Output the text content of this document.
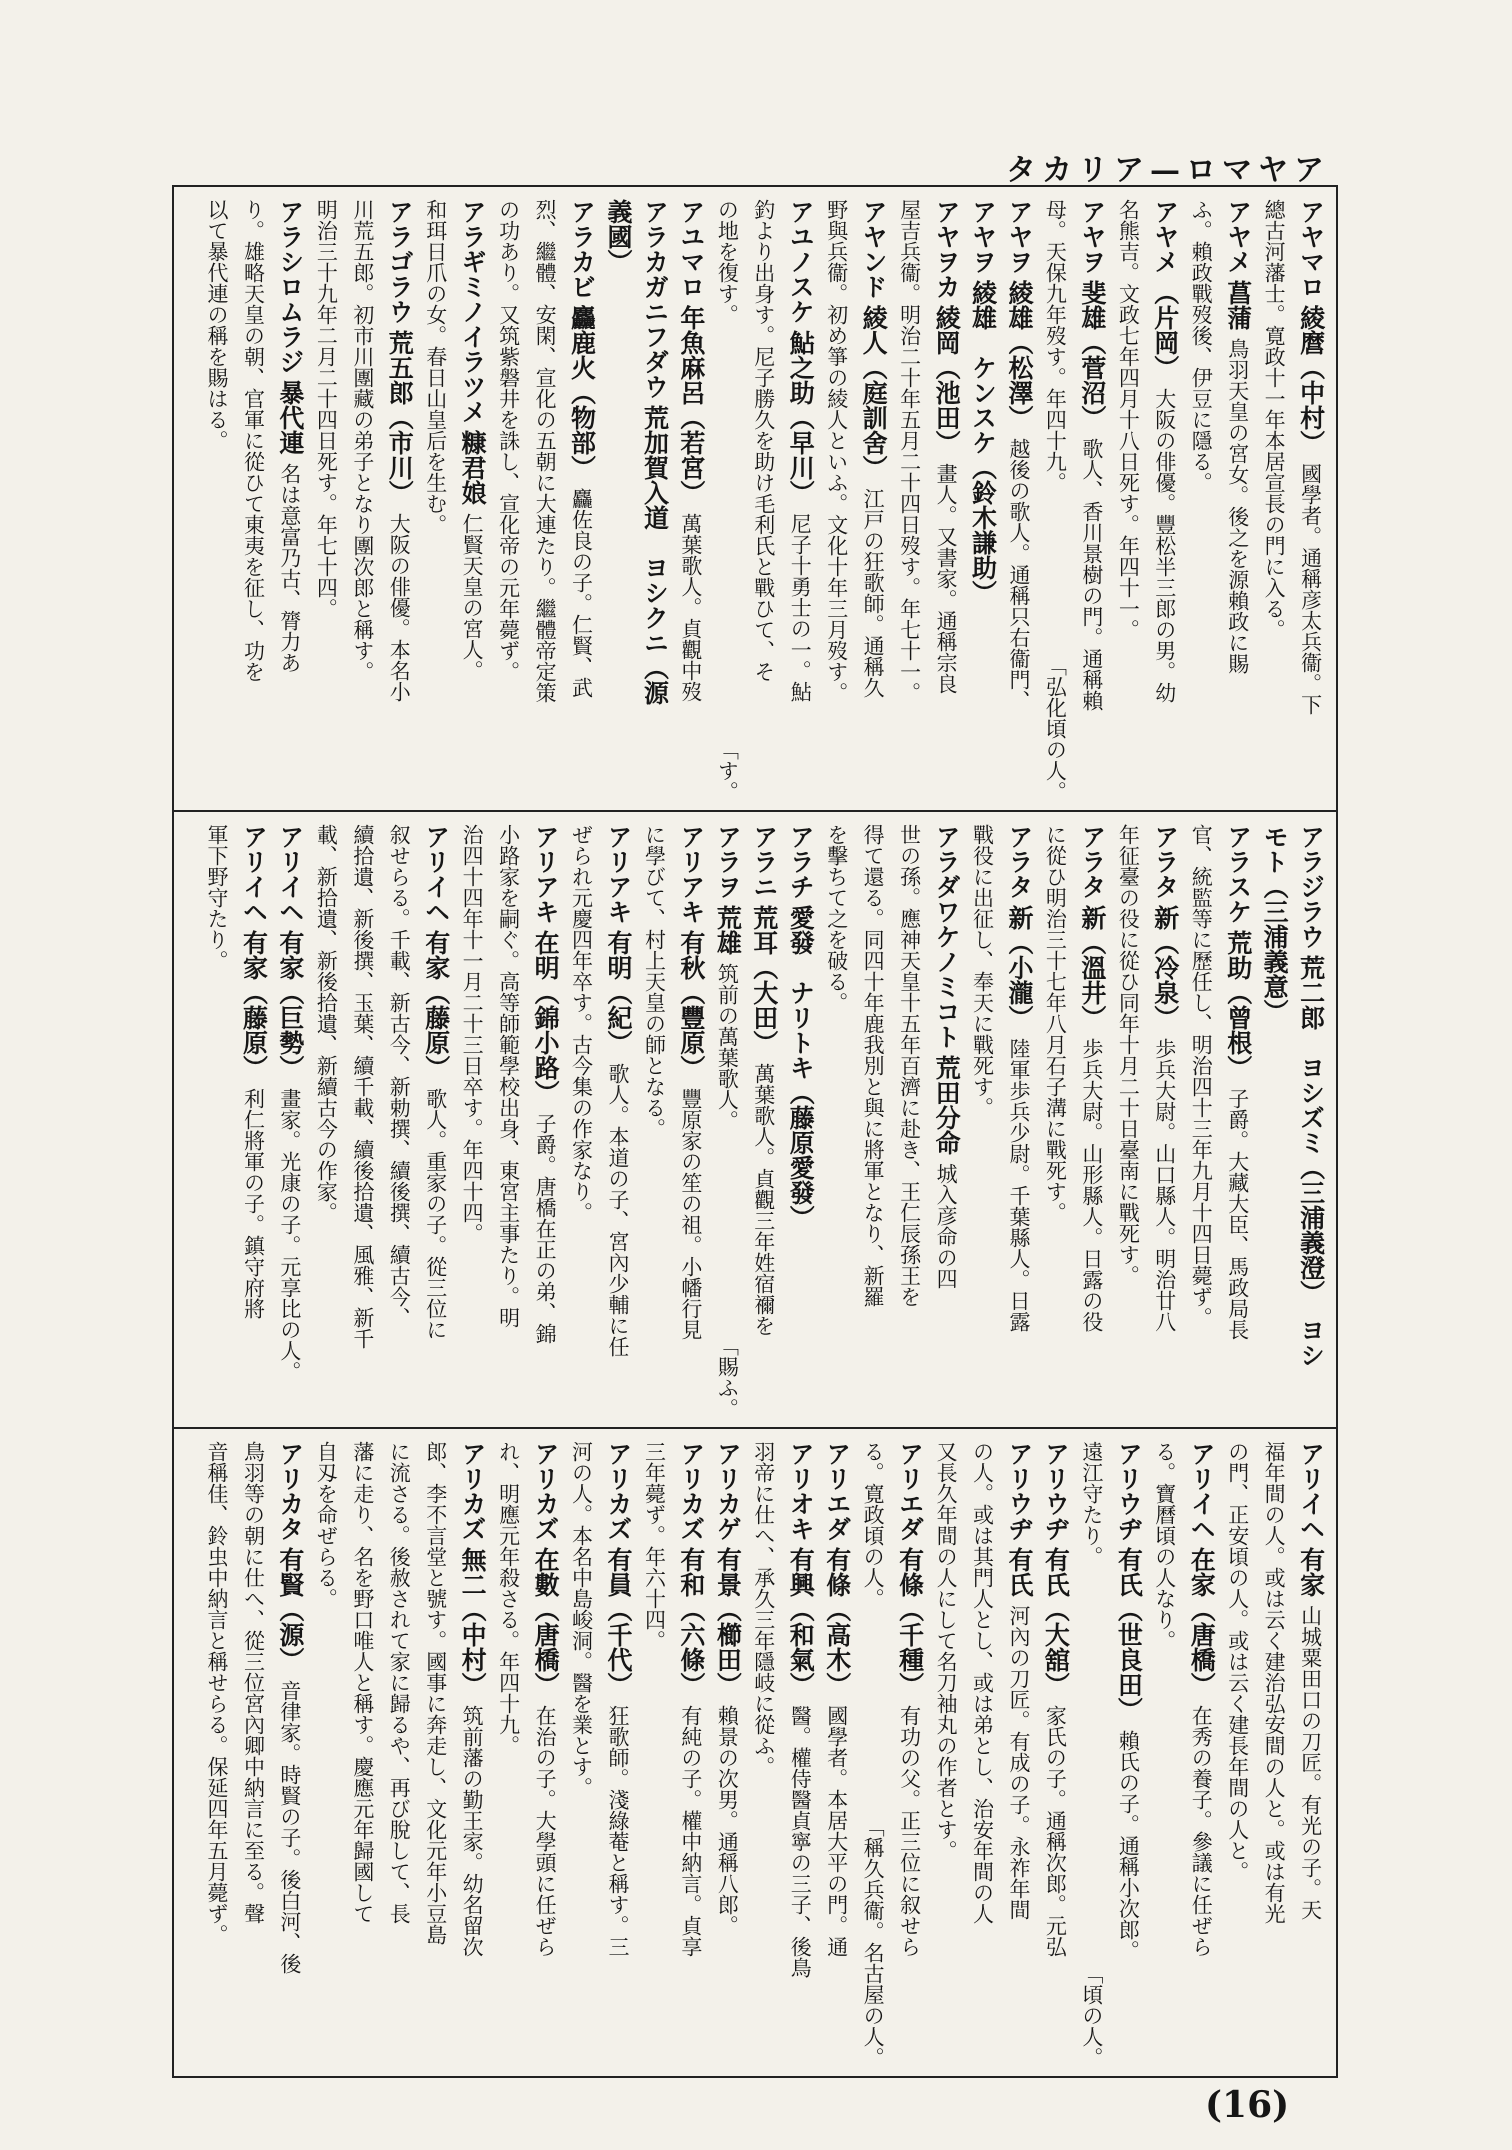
アヤマロ—アリカタ
アヤマロ綾麿（中村）國學者。通稱彦太兵衞。下
總古河藩士。寛政十一年本居宣長の門に入る。
アヤメ菖蒲鳥羽天皇の宮女。後之を源賴政に賜
ふ。賴政戰歿後、伊豆に隱る。
アヤメ（片岡）大阪の俳優。豐松半三郎の男。幼
名熊吉。文政七年四月十八日死す。年四十一。
アヤヲ斐雄（菅沼）歌人、香川景樹の門。通稱賴
母。天保九年歿す。年四十九。
「弘化頃の人。
アヤヲ綾雄（松澤）越後の歌人。通稱只右衞門、
アヤヲ綾雄　ケンスケ（鈴木謙助）
アヤヲカ綾岡（池田）畫人。又書家。通稱宗良
屋吉兵衞。明治二十年五月二十四日歿す。年七十一。
アヤンド綾人（庭訓舍）江戸の狂歌師。通稱久
野與兵衞。初め箏の綾人といふ。文化十年三月歿す。
アユノスケ鮎之助（早川）尼子十勇士の一。鮎
釣より出身す。尼子勝久を助け毛利氏と戰ひて、そ
の地を復す。
「す。
アユマロ年魚麻呂（若宮）萬葉歌人。貞觀中歿
アラカガニフダウ荒加賀入道　ヨシクニ（源
義國）
アラカビ麤鹿火（物部）麤佐良の子。仁賢、武
烈、繼體、安閑、宣化の五朝に大連たり。繼體帝定策
の功あり。又筑紫磐井を誅し、宣化帝の元年薨ず。
アラギミノイラツメ糠君娘仁賢天皇の宮人。
和珥日爪の女。春日山皇后を生む。
アラゴラウ荒五郎（市川）大阪の俳優。本名小
川荒五郎。初市川團藏の弟子となり團次郎と稱す。
明治三十九年二月二十四日死す。年七十四。
アラシロムラジ暴代連名は意富乃古、膂力あ
り。雄略天皇の朝、官軍に從ひて東夷を征し、功を
以て暴代連の稱を賜はる。
アラジラウ荒二郎　ヨシズミ（三浦義澄）　ヨシ
モト（三浦義意）
アラスケ荒助（曾根）子爵。大藏大臣、馬政局長
官、統監等に歷任し、明治四十三年九月十四日薨ず。
アラタ新（冷泉）歩兵大尉。山口縣人。明治廿八
年征臺の役に從ひ同年十月二十日臺南に戰死す。
アラタ新（溫井）歩兵大尉。山形縣人。日露の役
に從ひ明治三十七年八月石子溝に戰死す。
アラタ新（小瀧）陸軍歩兵少尉。千葉縣人。日露
戰役に出征し、奉天に戰死す。
アラダワケノミコト荒田分命城入彦命の四
世の孫。應神天皇十五年百濟に赴き、王仁辰孫王を
得て還る。同四十年鹿我別と與に將軍となり、新羅
を擊ちて之を破る。
アラチ愛發　ナリトキ（藤原愛發）
アラニ荒耳（大田）萬葉歌人。貞觀三年姓宿禰を
アラヲ荒雄筑前の萬葉歌人。
「賜ふ。
アリアキ有秋（豐原）豐原家の笙の祖。小幡行見
に學びて、村上天皇の師となる。
アリアキ有明（紀）歌人。本道の子、宮內少輔に任
ぜられ元慶四年卒す。古今集の作家なり。
アリアキ在明（錦小路）子爵。唐橋在正の弟、錦
小路家を嗣ぐ。高等師範學校出身、東宮主事たり。明
治四十四年十一月二十三日卒す。年四十四。
アリイヘ有家（藤原）歌人。重家の子。從三位に
叙せらる。千載、新古今、新勅撰、續後撰、續古今、
續拾遺、新後撰、玉葉、續千載、續後拾遺、風雅、新千
載、新拾遺、新後拾遺、新續古今の作家。
アリイヘ有家（巨勢）畫家。光康の子。元享比の人。
アリイヘ有家（藤原）利仁將軍の子。鎮守府將
軍下野守たり。
アリイヘ有家山城粟田口の刀匠。有光の子。天
福年間の人。或は云く建治弘安間の人と。或は有光
の門、正安頃の人。或は云く建長年間の人と。
アリイヘ在家（唐橋）在秀の養子。參議に任ぜら
る。寶曆頃の人なり。
アリウヂ有氏（世良田）賴氏の子。通稱小次郎。
遠江守たり。
「頃の人。
アリウヂ有氏（大舘）家氏の子。通稱次郎。元弘
アリウヂ有氏河內の刀匠。有成の子。永祚年間
の人。或は其門人とし、或は弟とし、治安年間の人
又長久年間の人にして名刀袖丸の作者とす。
アリエダ有條（千種）有功の父。正三位に叙せら
る。寛政頃の人。
「稱久兵衞。名古屋の人。
アリエダ有條（高木）國學者。本居大平の門。通
アリオキ有興（和氣）醫。權侍醫貞寧の三子、後鳥
羽帝に仕へ、承久三年隱岐に從ふ。
アリカゲ有景（櫛田）賴景の次男。通稱八郎。
アリカズ有和（六條）有純の子。權中納言。貞享
三年薨ず。年六十四。
アリカズ有員（千代）狂歌師。淺綠菴と稱す。三
河の人。本名中島峻洞。醫を業とす。
アリカズ在數（唐橋）在治の子。大學頭に任ぜら
れ、明應元年殺さる。年四十九。
アリカズ無二（中村）筑前藩の勤王家。幼名留次
郎、李不言堂と號す。國事に奔走し、文化元年小豆島
に流さる。後赦されて家に歸るや、再び脫して、長
藩に走り、名を野口唯人と稱す。慶應元年歸國して
自刄を命ぜらる。
アリカタ有賢（源）音律家。時賢の子。後白河、後
鳥羽等の朝に仕へ、從三位宮內卿中納言に至る。聲
音稱佳、鈴虫中納言と稱せらる。保延四年五月薨ず。
(16)
